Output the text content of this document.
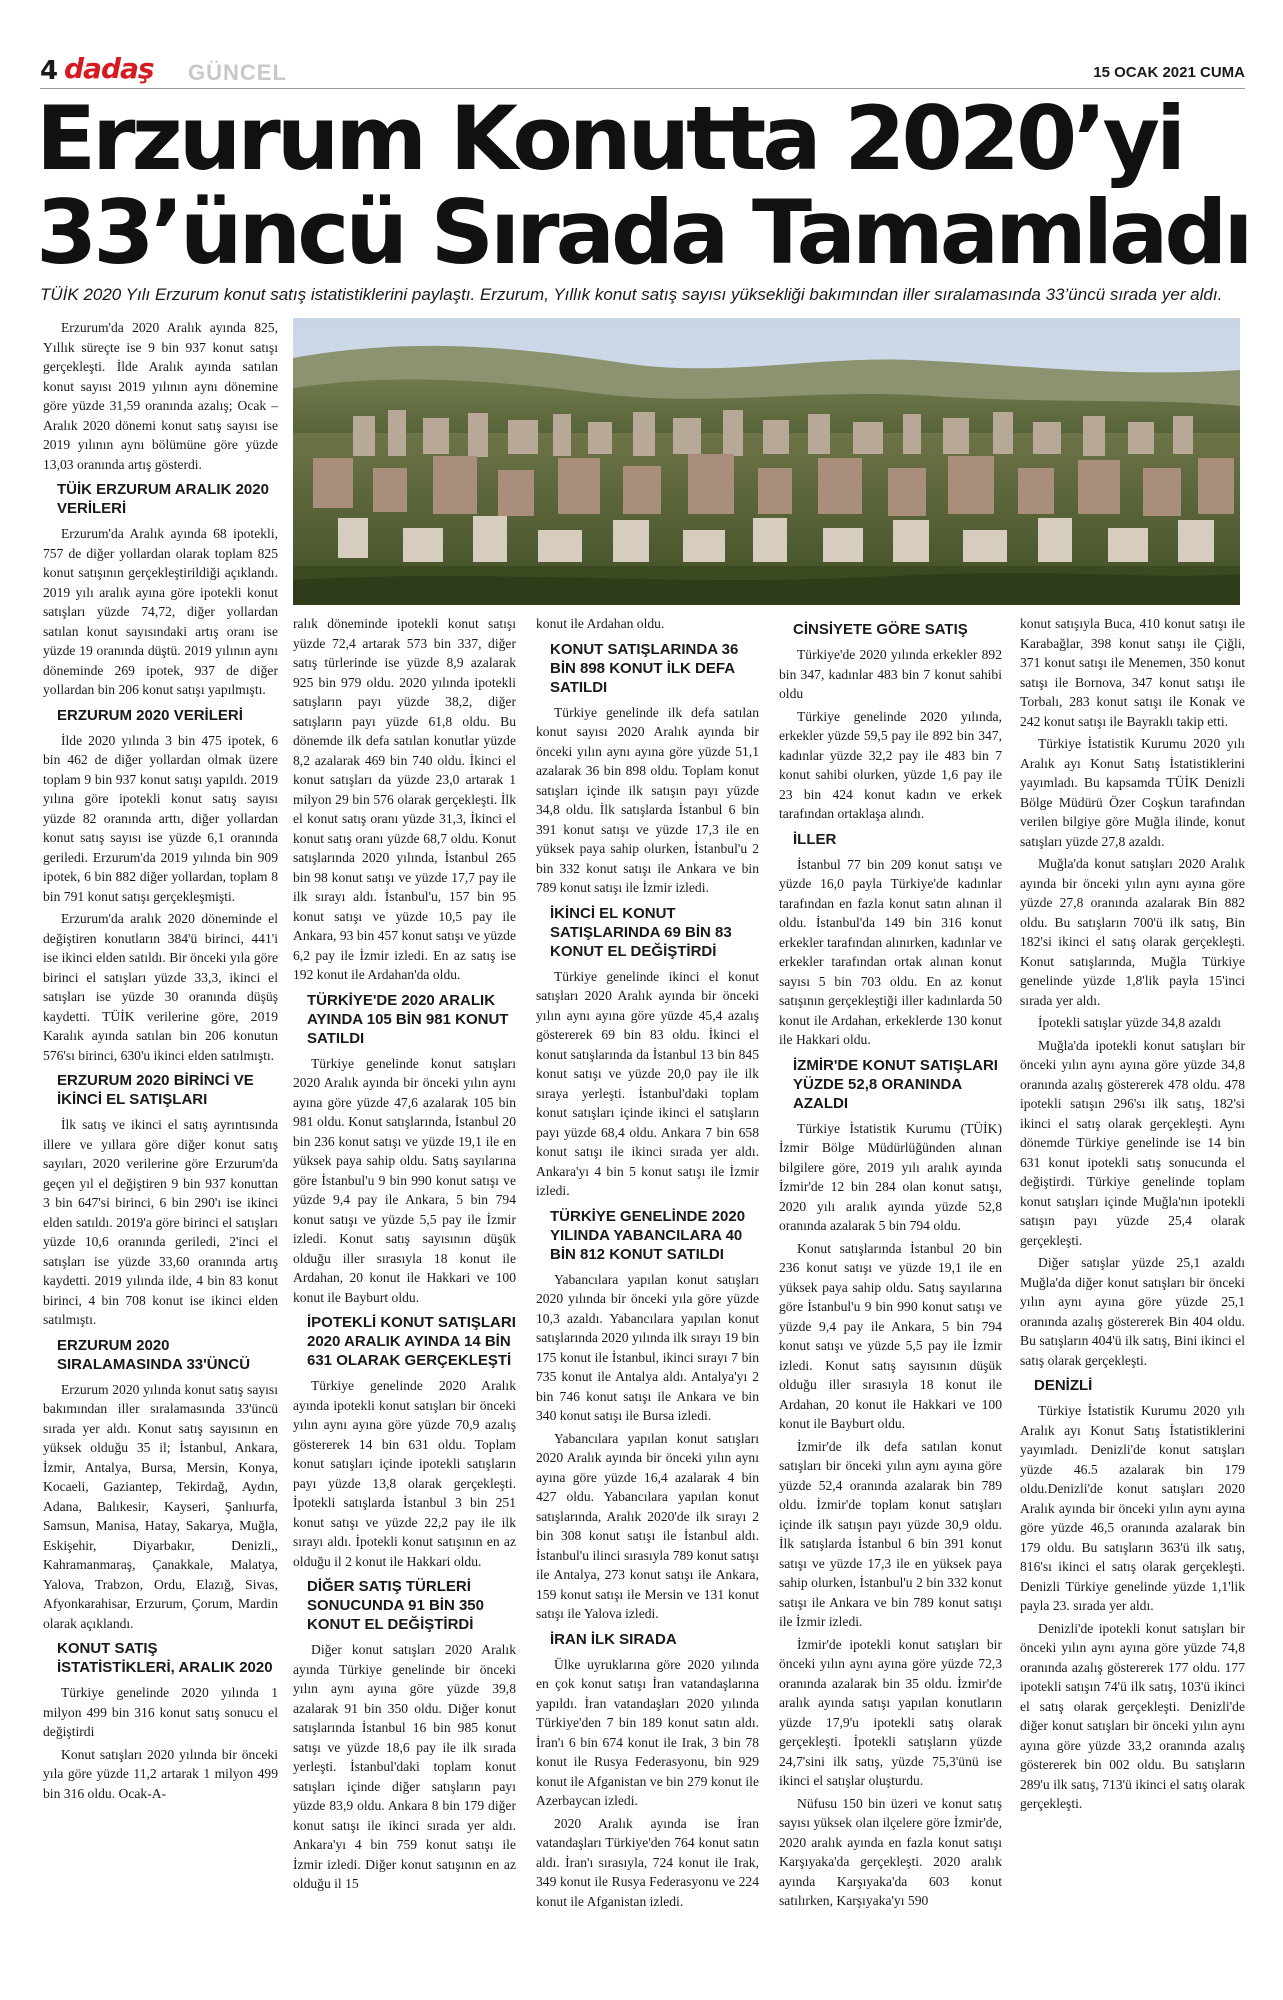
4 dadaş GÜNCEL	15 OCAK 2021 CUMA
Erzurum Konutta 2020’yi
33’üncü Sırada Tamamladı
TÜİK 2020 Yılı Erzurum konut satış istatistiklerini paylaştı. Erzurum, Yıllık konut satış sayısı yüksekliği bakımından iller sıralamasında 33’üncü sırada yer aldı.

Erzurum'da 2020 Aralık ayında 825, Yıllık süreçte ise 9 bin 937 konut satışı gerçekleşti. İlde Aralık ayında satılan konut sayısı 2019 yılının aynı dönemine göre yüzde 31,59 oranında azalış; Ocak – Aralık 2020 dönemi konut satış sayısı ise 2019 yılının aynı bölümüne göre yüzde 13,03 oranında artış gösterdi.

TÜİK ERZURUM ARALIK 2020 VERİLERİ

Erzurum'da Aralık ayında 68 ipotekli, 757 de diğer yollardan olarak toplam 825 konut satışının gerçekleştirildiği açıklandı. 2019 yılı aralık ayına göre ipotekli konut satışları yüzde 74,72, diğer yollardan satılan konut sayısındaki artış oranı ise yüzde 19 oranında düştü. 2019 yılının aynı döneminde 269 ipotek, 937 de diğer yollardan bin 206 konut satışı yapılmıştı.

ERZURUM 2020 VERİLERİ

İlde 2020 yılında 3 bin 475 ipotek, 6 bin 462 de diğer yollardan olmak üzere toplam 9 bin 937 konut satışı yapıldı. 2019 yılına göre ipotekli konut satış sayısı yüzde 82 oranında arttı, diğer yollardan konut satış sayısı ise yüzde 6,1 oranında geriledi. Erzurum'da 2019 yılında bin 909 ipotek, 6 bin 882 diğer yollardan, toplam 8 bin 791 konut satışı gerçekleşmişti.

Erzurum'da aralık 2020 döneminde el değiştiren konutların 384'ü birinci, 441'i ise ikinci elden satıldı. Bir önceki yıla göre birinci el satışları yüzde 33,3, ikinci el satışları ise yüzde 30 oranında düşüş kaydetti. TÜİK verilerine göre, 2019 Karalık ayında satılan bin 206 konutun 576'sı birinci, 630'u ikinci elden satılmıştı.

ERZURUM 2020 BİRİNCİ VE İKİNCİ EL SATIŞLARI

İlk satış ve ikinci el satış ayrıntısında illere ve yıllara göre diğer konut satış sayıları, 2020 verilerine göre Erzurum'da geçen yıl el değiştiren 9 bin 937 konuttan 3 bin 647'si birinci, 6 bin 290'ı ise ikinci elden satıldı. 2019'a göre birinci el satışları yüzde 10,6 oranında geriledi, 2'inci el satışları ise yüzde 33,60 oranında artış kaydetti. 2019 yılında ilde, 4 bin 83 konut birinci, 4 bin 708 konut ise ikinci elden satılmıştı.

ERZURUM 2020 SIRALAMASINDA 33'ÜNCÜ

Erzurum 2020 yılında konut satış sayısı bakımından iller sıralamasında 33'üncü sırada yer aldı. Konut satış sayısının en yüksek olduğu 35 il; İstanbul, Ankara, İzmir, Antalya, Bursa, Mersin, Konya, Kocaeli, Gaziantep, Tekirdağ, Aydın, Adana, Balıkesir, Kayseri, Şanlıurfa, Samsun, Manisa, Hatay, Sakarya, Muğla, Eskişehir, Diyarbakır, Denizli,, Kahramanmaraş, Çanakkale, Malatya, Yalova, Trabzon, Ordu, Elazığ, Sivas, Afyonkarahisar, Erzurum, Çorum, Mardin olarak açıklandı.

KONUT SATIŞ İSTATİSTİKLERİ, ARALIK 2020

Türkiye genelinde 2020 yılında 1 milyon 499 bin 316 konut satış sonucu el değiştirdi

Konut satışları 2020 yılında bir önceki yıla göre yüzde 11,2 artarak 1 milyon 499 bin 316 oldu. Ocak-A-

ralık döneminde ipotekli konut satışı yüzde 72,4 artarak 573 bin 337, diğer satış türlerinde ise yüzde 8,9 azalarak 925 bin 979 oldu. 2020 yılında ipotekli satışların payı yüzde 38,2, diğer satışların payı yüzde 61,8 oldu. Bu dönemde ilk defa satılan konutlar yüzde 8,2 azalarak 469 bin 740 oldu. İkinci el konut satışları da yüzde 23,0 artarak 1 milyon 29 bin 576 olarak gerçekleşti. İlk el konut satış oranı yüzde 31,3, İkinci el konut satış oranı yüzde 68,7 oldu. Konut satışlarında 2020 yılında, İstanbul 265 bin 98 konut satışı ve yüzde 17,7 pay ile ilk sırayı aldı. İstanbul'u, 157 bin 95 konut satışı ve yüzde 10,5 pay ile Ankara, 93 bin 457 konut satışı ve yüzde 6,2 pay ile İzmir izledi. En az satış ise 192 konut ile Ardahan'da oldu.

TÜRKİYE'DE 2020 ARALIK AYINDA 105 BİN 981 KONUT SATILDI

Türkiye genelinde konut satışları 2020 Aralık ayında bir önceki yılın aynı ayına göre yüzde 47,6 azalarak 105 bin 981 oldu. Konut satışlarında, İstanbul 20 bin 236 konut satışı ve yüzde 19,1 ile en yüksek paya sahip oldu. Satış sayılarına göre İstanbul'u 9 bin 990 konut satışı ve yüzde 9,4 pay ile Ankara, 5 bin 794 konut satışı ve yüzde 5,5 pay ile İzmir izledi. Konut satış sayısının düşük olduğu iller sırasıyla 18 konut ile Ardahan, 20 konut ile Hakkari ve 100 konut ile Bayburt oldu.

İPOTEKLİ KONUT SATIŞLARI 2020 ARALIK AYINDA 14 BİN 631 OLARAK GERÇEKLEŞTİ

Türkiye genelinde 2020 Aralık ayında ipotekli konut satışları bir önceki yılın aynı ayına göre yüzde 70,9 azalış göstererek 14 bin 631 oldu. Toplam konut satışları içinde ipotekli satışların payı yüzde 13,8 olarak gerçekleşti. İpotekli satışlarda İstanbul 3 bin 251 konut satışı ve yüzde 22,2 pay ile ilk sırayı aldı. İpotekli konut satışının en az olduğu il 2 konut ile Hakkari oldu.

DİĞER SATIŞ TÜRLERİ SONUCUNDA 91 BİN 350 KONUT EL DEĞİŞTİRDİ

Diğer konut satışları 2020 Aralık ayında Türkiye genelinde bir önceki yılın aynı ayına göre yüzde 39,8 azalarak 91 bin 350 oldu. Diğer konut satışlarında İstanbul 16 bin 985 konut satışı ve yüzde 18,6 pay ile ilk sırada yerleşti. İstanbul'daki toplam konut satışları içinde diğer satışların payı yüzde 83,9 oldu. Ankara 8 bin 179 diğer konut satışı ile ikinci sırada yer aldı. Ankara'yı 4 bin 759 konut satışı ile İzmir izledi. Diğer konut satışının en az olduğu il 15

konut ile Ardahan oldu.

KONUT SATIŞLARINDA 36 BİN 898 KONUT İLK DEFA SATILDI

Türkiye genelinde ilk defa satılan konut sayısı 2020 Aralık ayında bir önceki yılın aynı ayına göre yüzde 51,1 azalarak 36 bin 898 oldu. Toplam konut satışları içinde ilk satışın payı yüzde 34,8 oldu. İlk satışlarda İstanbul 6 bin 391 konut satışı ve yüzde 17,3 ile en yüksek paya sahip olurken, İstanbul'u 2 bin 332 konut satışı ile Ankara ve bin 789 konut satışı ile İzmir izledi.

İKİNCİ EL KONUT SATIŞLARINDA 69 BİN 83 KONUT EL DEĞİŞTİRDİ

Türkiye genelinde ikinci el konut satışları 2020 Aralık ayında bir önceki yılın aynı ayına göre yüzde 45,4 azalış göstererek 69 bin 83 oldu. İkinci el konut satışlarında da İstanbul 13 bin 845 konut satışı ve yüzde 20,0 pay ile ilk sıraya yerleşti. İstanbul'daki toplam konut satışları içinde ikinci el satışların payı yüzde 68,4 oldu. Ankara 7 bin 658 konut satışı ile ikinci sırada yer aldı. Ankara'yı 4 bin 5 konut satışı ile İzmir izledi.

TÜRKİYE GENELİNDE 2020 YILINDA YABANCILARA 40 BİN 812 KONUT SATILDI

Yabancılara yapılan konut satışları 2020 yılında bir önceki yıla göre yüzde 10,3 azaldı. Yabancılara yapılan konut satışlarında 2020 yılında ilk sırayı 19 bin 175 konut ile İstanbul, ikinci sırayı 7 bin 735 konut ile Antalya aldı. Antalya'yı 2 bin 746 konut satışı ile Ankara ve bin 340 konut satışı ile Bursa izledi.

Yabancılara yapılan konut satışları 2020 Aralık ayında bir önceki yılın aynı ayına göre yüzde 16,4 azalarak 4 bin 427 oldu. Yabancılara yapılan konut satışlarında, Aralık 2020'de ilk sırayı 2 bin 308 konut satışı ile İstanbul aldı. İstanbul'u ilinci sırasıyla 789 konut satışı ile Antalya, 273 konut satışı ile Ankara, 159 konut satışı ile Mersin ve 131 konut satışı ile Yalova izledi.

İRAN İLK SIRADA

Ülke uyruklarına göre 2020 yılında en çok konut satışı İran vatandaşlarına yapıldı. İran vatandaşları 2020 yılında Türkiye'den 7 bin 189 konut satın aldı. İran'ı 6 bin 674 konut ile Irak, 3 bin 78 konut ile Rusya Federasyonu, bin 929 konut ile Afganistan ve bin 279 konut ile Azerbaycan izledi.

2020 Aralık ayında ise İran vatandaşları Türkiye'den 764 konut satın aldı. İran'ı sırasıyla, 724 konut ile Irak, 349 konut ile Rusya Federasyonu ve 224 konut ile Afganistan izledi.

CİNSİYETE GÖRE SATIŞ

Türkiye'de 2020 yılında erkekler 892 bin 347, kadınlar 483 bin 7 konut sahibi oldu

Türkiye genelinde 2020 yılında, erkekler yüzde 59,5 pay ile 892 bin 347, kadınlar yüzde 32,2 pay ile 483 bin 7 konut sahibi olurken, yüzde 1,6 pay ile 23 bin 424 konut kadın ve erkek tarafından ortaklaşa alındı.

İLLER

İstanbul 77 bin 209 konut satışı ve yüzde 16,0 payla Türkiye'de kadınlar tarafından en fazla konut satın alınan il oldu. İstanbul'da 149 bin 316 konut erkekler tarafından alınırken, kadınlar ve erkekler tarafından ortak alınan konut sayısı 5 bin 703 oldu. En az konut satışının gerçekleştiği iller kadınlarda 50 konut ile Ardahan, erkeklerde 130 konut ile Hakkari oldu.

İZMİR'DE KONUT SATIŞLARI YÜZDE 52,8 ORANINDA AZALDI

Türkiye İstatistik Kurumu (TÜİK) İzmir Bölge Müdürlüğünden alınan bilgilere göre, 2019 yılı aralık ayında İzmir'de 12 bin 284 olan konut satışı, 2020 yılı aralık ayında yüzde 52,8 oranında azalarak 5 bin 794 oldu.

Konut satışlarında İstanbul 20 bin 236 konut satışı ve yüzde 19,1 ile en yüksek paya sahip oldu. Satış sayılarına göre İstanbul'u 9 bin 990 konut satışı ve yüzde 9,4 pay ile Ankara, 5 bin 794 konut satışı ve yüzde 5,5 pay ile İzmir izledi. Konut satış sayısının düşük olduğu iller sırasıyla 18 konut ile Ardahan, 20 konut ile Hakkari ve 100 konut ile Bayburt oldu.

İzmir'de ilk defa satılan konut satışları bir önceki yılın aynı ayına göre yüzde 52,4 oranında azalarak bin 789 oldu. İzmir'de toplam konut satışları içinde ilk satışın payı yüzde 30,9 oldu. İlk satışlarda İstanbul 6 bin 391 konut satışı ve yüzde 17,3 ile en yüksek paya sahip olurken, İstanbul'u 2 bin 332 konut satışı ile Ankara ve bin 789 konut satışı ile İzmir izledi.

İzmir'de ipotekli konut satışları bir önceki yılın aynı ayına göre yüzde 72,3 oranında azalarak bin 35 oldu. İzmir'de aralık ayında satışı yapılan konutların yüzde 17,9'u ipotekli satış olarak gerçekleşti. İpotekli satışların yüzde 24,7'sini ilk satış, yüzde 75,3'ünü ise ikinci el satışlar oluşturdu.

Nüfusu 150 bin üzeri ve konut satış sayısı yüksek olan ilçelere göre İzmir'de, 2020 aralık ayında en fazla konut satışı Karşıyaka'da gerçekleşti. 2020 aralık ayında Karşıyaka'da 603 konut satılırken, Karşıyaka'yı 590

konut satışıyla Buca, 410 konut satışı ile Karabağlar, 398 konut satışı ile Çiğli, 371 konut satışı ile Menemen, 350 konut satışı ile Bornova, 347 konut satışı ile Torbalı, 283 konut satışı ile Konak ve 242 konut satışı ile Bayraklı takip etti.

Türkiye İstatistik Kurumu 2020 yılı Aralık ayı Konut Satış İstatistiklerini yayımladı. Bu kapsamda TÜİK Denizli Bölge Müdürü Özer Coşkun tarafından verilen bilgiye göre Muğla ilinde, konut satışları yüzde 27,8 azaldı.

Muğla'da konut satışları 2020 Aralık ayında bir önceki yılın aynı ayına göre yüzde 27,8 oranında azalarak Bin 882 oldu. Bu satışların 700'ü ilk satış, Bin 182'si ikinci el satış olarak gerçekleşti. Konut satışlarında, Muğla Türkiye genelinde yüzde 1,8'lik payla 15'inci sırada yer aldı.

İpotekli satışlar yüzde 34,8 azaldı

Muğla'da ipotekli konut satışları bir önceki yılın aynı ayına göre yüzde 34,8 oranında azalış göstererek 478 oldu. 478 ipotekli satışın 296'sı ilk satış, 182'si ikinci el satış olarak gerçekleşti. Aynı dönemde Türkiye genelinde ise 14 bin 631 konut ipotekli satış sonucunda el değiştirdi. Türkiye genelinde toplam konut satışları içinde Muğla'nın ipotekli satışın payı yüzde 25,4 olarak gerçekleşti.

Diğer satışlar yüzde 25,1 azaldı Muğla'da diğer konut satışları bir önceki yılın aynı ayına göre yüzde 25,1 oranında azalış göstererek Bin 404 oldu. Bu satışların 404'ü ilk satış, Bini ikinci el satış olarak gerçekleşti.

DENİZLİ

Türkiye İstatistik Kurumu 2020 yılı Aralık ayı Konut Satış İstatistiklerini yayımladı. Denizli'de konut satışları yüzde 46.5 azalarak bin 179 oldu.Denizli'de konut satışları 2020 Aralık ayında bir önceki yılın aynı ayına göre yüzde 46,5 oranında azalarak bin 179 oldu. Bu satışların 363'ü ilk satış, 816'sı ikinci el satış olarak gerçekleşti. Denizli Türkiye genelinde yüzde 1,1'lik payla 23. sırada yer aldı.

Denizli'de ipotekli konut satışları bir önceki yılın aynı ayına göre yüzde 74,8 oranında azalış göstererek 177 oldu. 177 ipotekli satışın 74'ü ilk satış, 103'ü ikinci el satış olarak gerçekleşti. Denizli'de diğer konut satışları bir önceki yılın aynı ayına göre yüzde 33,2 oranında azalış göstererek bin 002 oldu. Bu satışların 289'u ilk satış, 713'ü ikinci el satış olarak gerçekleşti.
